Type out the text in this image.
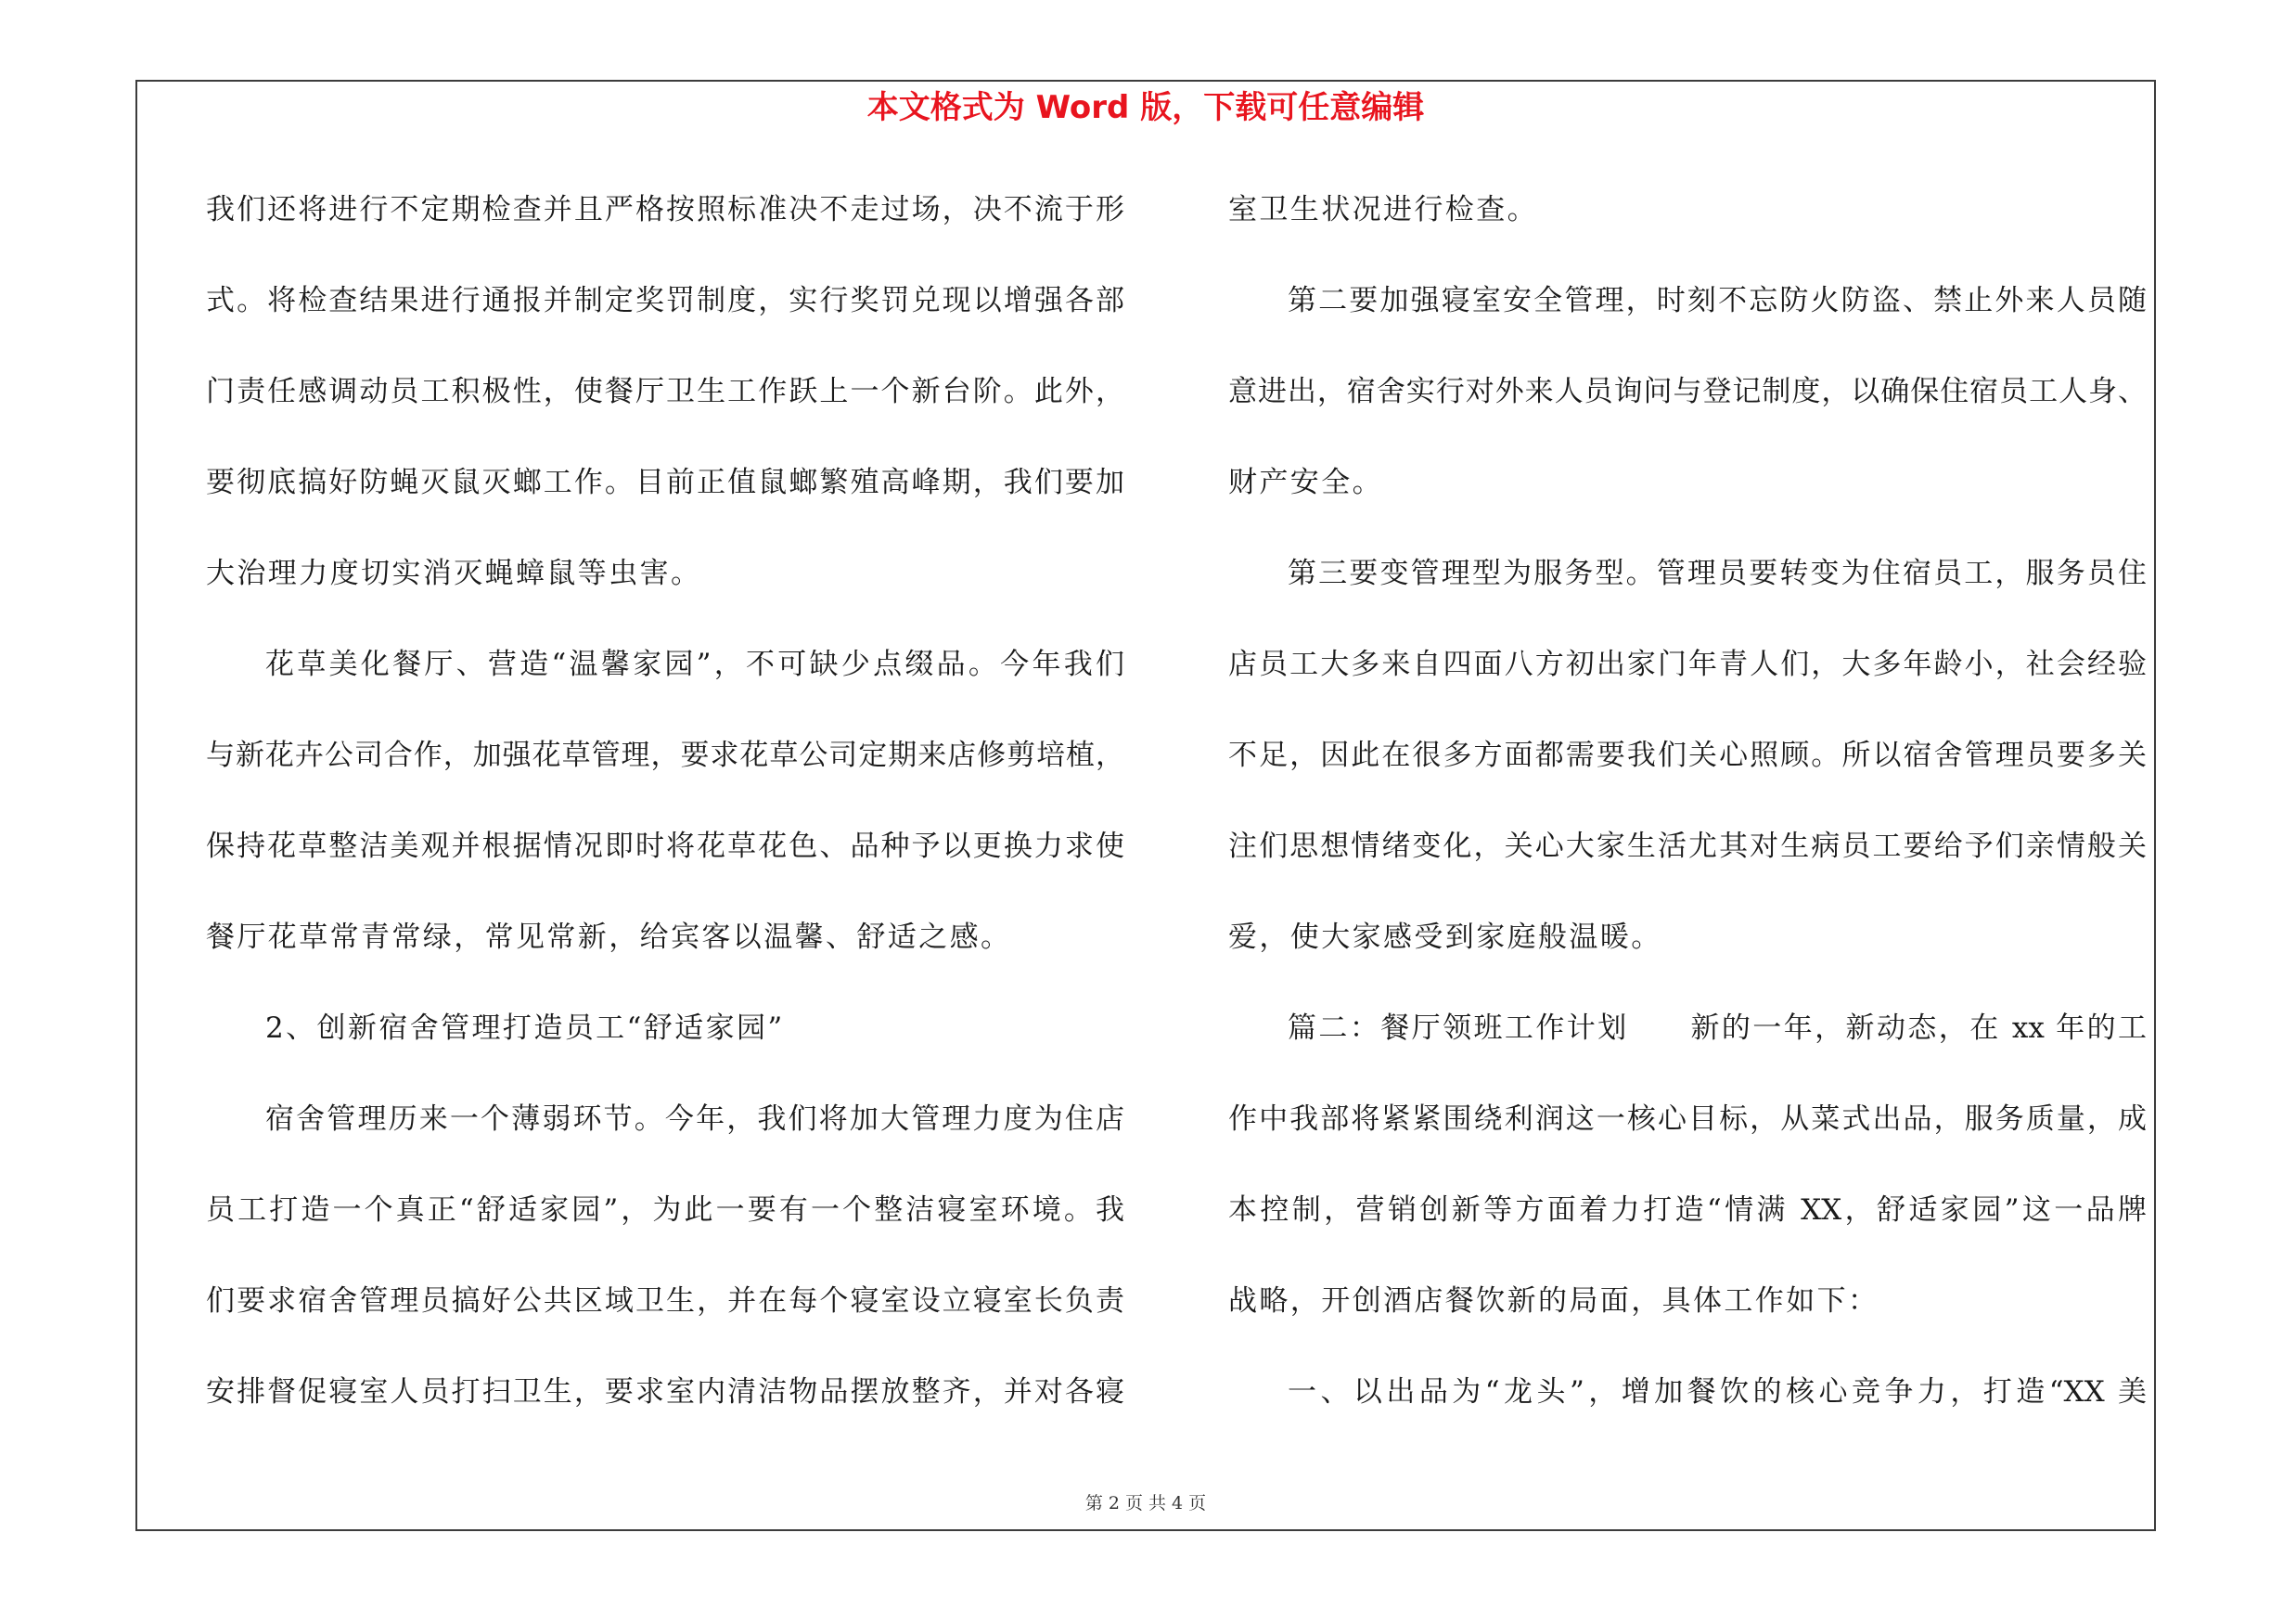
本文格式为 Word 版，下载可任意编辑
我们还将进行不定期检查并且严格按照标准决不走过场，决不流于形
式。将检查结果进行通报并制定奖罚制度，实行奖罚兑现以增强各部
门责任感调动员工积极性，使餐厅卫生工作跃上一个新台阶。此外，
要彻底搞好防蝇灭鼠灭螂工作。目前正值鼠螂繁殖高峰期，我们要加
大治理力度切实消灭蝇蟑鼠等虫害。
花草美化餐厅、营造“温馨家园”，不可缺少点缀品。今年我们
与新花卉公司合作，加强花草管理，要求花草公司定期来店修剪培植，
保持花草整洁美观并根据情况即时将花草花色、品种予以更换力求使
餐厅花草常青常绿，常见常新，给宾客以温馨、舒适之感。
2、创新宿舍管理打造员工“舒适家园”
宿舍管理历来一个薄弱环节。今年，我们将加大管理力度为住店
员工打造一个真正“舒适家园”，为此一要有一个整洁寝室环境。我
们要求宿舍管理员搞好公共区域卫生，并在每个寝室设立寝室长负责
安排督促寝室人员打扫卫生，要求室内清洁物品摆放整齐，并对各寝
室卫生状况进行检查。
第二要加强寝室安全管理，时刻不忘防火防盗、禁止外来人员随
意进出，宿舍实行对外来人员询问与登记制度，以确保住宿员工人身、
财产安全。
第三要变管理型为服务型。管理员要转变为住宿员工，服务员住
店员工大多来自四面八方初出家门年青人们，大多年龄小，社会经验
不足，因此在很多方面都需要我们关心照顾。所以宿舍管理员要多关
注们思想情绪变化，关心大家生活尤其对生病员工要给予们亲情般关
爱，使大家感受到家庭般温暖。
篇二：餐厅领班工作计划　　新的一年，新动态，在 xx 年的工
作中我部将紧紧围绕利润这一核心目标，从菜式出品，服务质量，成
本控制，营销创新等方面着力打造“情满 XX，舒适家园”这一品牌
战略，开创酒店餐饮新的局面，具体工作如下：
一、以出品为“龙头”，增加餐饮的核心竞争力，打造“XX 美
第 2 页 共 4 页
